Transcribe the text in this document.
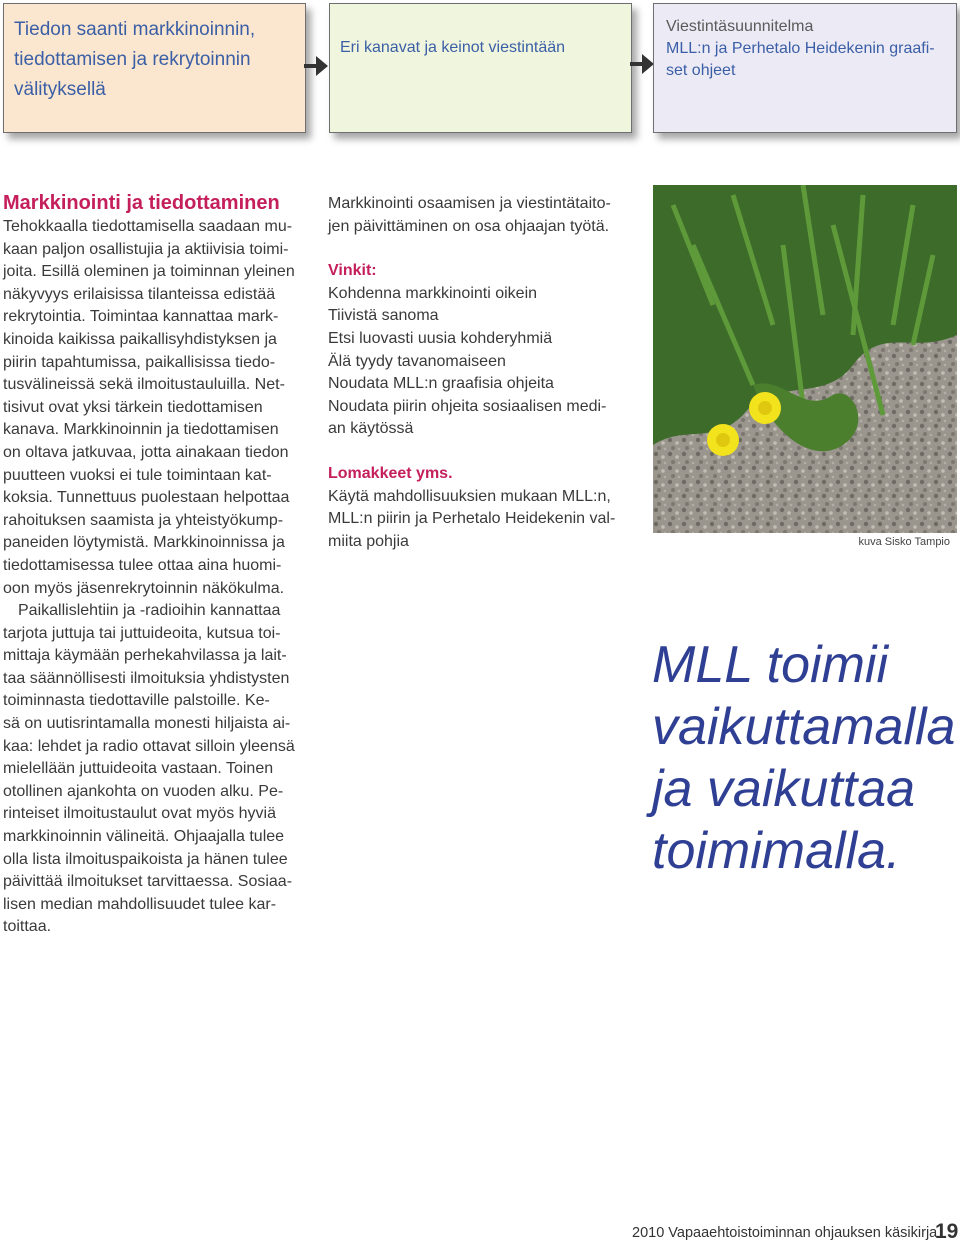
Tiedon saanti markkinoinnin,
tiedottamisen ja rekrytoinnin
välityksellä
Eri kanavat ja keinot viestintään
Viestintäsuunnitelma
MLL:n ja Perhetalo Heidekenin graafi-
set ohjeet
Markkinointi ja tiedottaminen
Tehokkaalla tiedottamisella saadaan mu-
kaan paljon osallistujia ja aktiivisia toimi-
joita. Esillä oleminen ja toiminnan yleinen
näkyvyys erilaisissa tilanteissa edistää
rekrytointia. Toimintaa kannattaa mark-
kinoida kaikissa paikallisyhdistyksen ja
piirin tapahtumissa, paikallisissa tiedo-
tusvälineissä sekä ilmoitustauluilla. Net-
tisivut ovat yksi tärkein tiedottamisen
kanava. Markkinoinnin ja tiedottamisen
on oltava jatkuvaa, jotta ainakaan tiedon
puutteen vuoksi ei tule toimintaan kat-
koksia. Tunnettuus puolestaan helpottaa
rahoituksen saamista ja yhteistyökump-
paneiden löytymistä. Markkinoinnissa ja
tiedottamisessa tulee ottaa aina huomi-
oon myös jäsenrekrytoinnin näkökulma.
Paikallislehtiin ja -radioihin kannattaa
tarjota juttuja tai juttuideoita, kutsua toi-
mittaja käymään perhekahvilassa ja lait-
taa säännöllisesti ilmoituksia yhdistysten
toiminnasta tiedottaville palstoille. Ke-
sä on uutisrintamalla monesti hiljaista ai-
kaa: lehdet ja radio ottavat silloin yleensä
mielellään juttuideoita vastaan. Toinen
otollinen ajankohta on vuoden alku. Pe-
rinteiset ilmoitustaulut ovat myös hyviä
markkinoinnin välineitä. Ohjaajalla tulee
olla lista ilmoituspaikoista ja hänen tulee
päivittää ilmoitukset tarvittaessa. Sosiaa-
lisen median mahdollisuudet tulee kar-
toittaa.
Markkinointi osaamisen ja viestintätaito-
jen päivittäminen on osa ohjaajan työtä.
Vinkit:
Kohdenna markkinointi oikein
Tiivistä sanoma
Etsi luovasti uusia kohderyhmiä
Älä tyydy tavanomaiseen
Noudata MLL:n graafisia ohjeita
Noudata piirin ohjeita sosiaalisen medi-
an käytössä
Lomakkeet yms.
Käytä mahdollisuuksien mukaan MLL:n,
MLL:n piirin ja Perhetalo Heidekenin val-
miita pohjia	kuva Sisko Tampio
MLL toimii
vaikuttamalla
ja vaikuttaa
toimimalla.
2010 Vapaaehtoistoiminnan ohjauksen käsikirja
19
